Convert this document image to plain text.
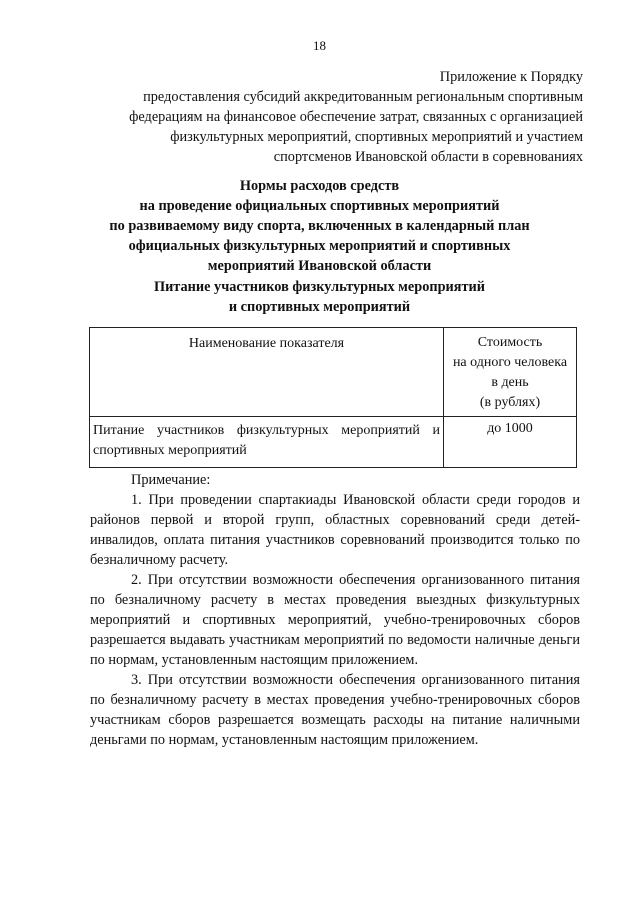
18
Приложение к Порядку
предоставления субсидий аккредитованным региональным спортивным
федерациям на финансовое обеспечение затрат, связанных с организацией
физкультурных мероприятий, спортивных мероприятий и участием
спортсменов Ивановской области в соревнованиях
Нормы расходов средств
на проведение официальных спортивных мероприятий
по развиваемому виду спорта, включенных в календарный план
официальных физкультурных мероприятий и спортивных
мероприятий Ивановской области
Питание участников физкультурных мероприятий
и спортивных мероприятий
Наименование показателя	Стоимость
на одного человека
в день
(в рублях)

Питание участников физкультурных мероприятий и спортивных мероприятий	до 1000

Примечание:

1. При проведении спартакиады Ивановской области среди городов и районов первой и второй групп, областных соревнований среди детей-инвалидов, оплата питания участников соревнований производится только по безналичному расчету.

2. При отсутствии возможности обеспечения организованного питания по безналичному расчету в местах проведения выездных физкультурных мероприятий и спортивных мероприятий, учебно-тренировочных сборов разрешается выдавать участникам мероприятий по ведомости наличные деньги по нормам, установленным настоящим приложением.

3. При отсутствии возможности обеспечения организованного питания по безналичному расчету в местах проведения учебно-тренировочных сборов участникам сборов разрешается возмещать расходы на питание наличными деньгами по нормам, установленным настоящим приложением.
